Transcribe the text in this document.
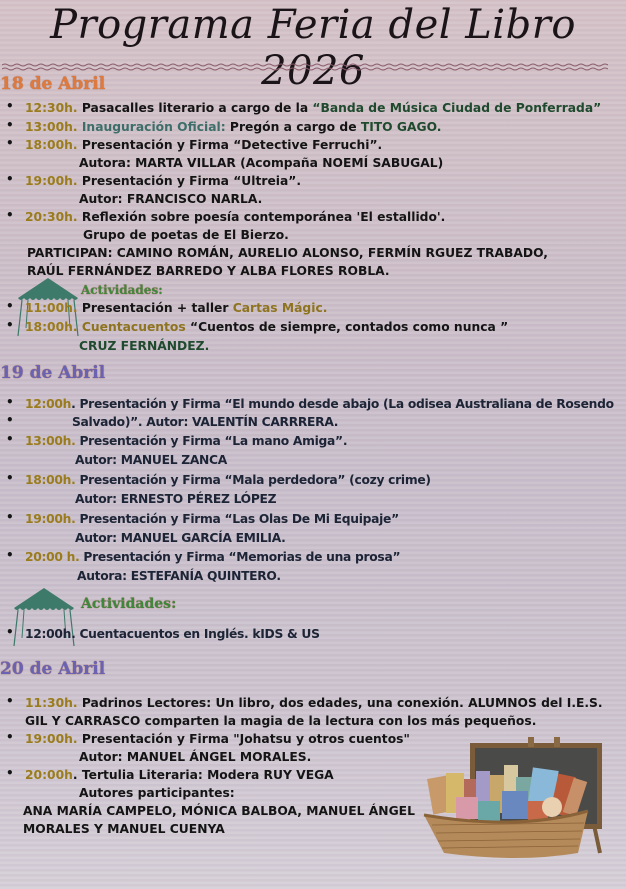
Programa Feria del Libro 2026
18 de Abril
• 12:30h. Pasacalles literario a cargo de la “Banda de Música Ciudad de Ponferrada”
• 13:00h. Inauguración Oficial: Pregón a cargo de TITO GAGO.
• 18:00h. Presentación y Firma “Detective Ferruchi”.
Autora: MARTA VILLAR (Acompaña NOEMÍ SABUGAL)
• 19:00h. Presentación y Firma “Ultreia”.
Autor: FRANCISCO NARLA.
• 20:30h. Reflexión sobre poesía contemporánea 'El estallido'.
Grupo de poetas de El Bierzo.
PARTICIPAN: CAMINO ROMÁN, AURELIO ALONSO, FERMÍN RGUEZ TRABADO,
RAÚL FERNÁNDEZ BARREDO Y ALBA FLORES ROBLA.
Actividades:
• 11:00h. Presentación + taller Cartas Mágic.
• 18:00h. Cuentacuentos “Cuentos de siempre, contados como nunca ”
CRUZ FERNÁNDEZ.
19 de Abril
• 12:00h. Presentación y Firma “El mundo desde abajo (La odisea Australiana de Rosendo
•	Salvado)”. Autor: VALENTÍN CARRRERA.
• 13:00h. Presentación y Firma “La mano Amiga”.
Autor: MANUEL ZANCA
• 18:00h. Presentación y Firma “Mala perdedora” (cozy crime)
Autor: ERNESTO PÉREZ LÓPEZ
• 19:00h. Presentación y Firma “Las Olas De Mi Equipaje”
Autor: MANUEL GARCÍA EMILIA.
• 20:00 h. Presentación y Firma “Memorias de una prosa”
Autora: ESTEFANÍA QUINTERO.
Actividades:
• 12:00h. Cuentacuentos en Inglés. kIDS & US
20 de Abril
• 11:30h. Padrinos Lectores: Un libro, dos edades, una conexión. ALUMNOS del I.E.S.
GIL Y CARRASCO comparten la magia de la lectura con los más pequeños.
• 19:00h. Presentación y Firma "Johatsu y otros cuentos"
Autor: MANUEL ÁNGEL MORALES.
• 20:00h. Tertulia Literaria: Modera RUY VEGA
Autores participantes:
ANA MARÍA CAMPELO, MÓNICA BALBOA, MANUEL ÁNGEL
MORALES Y MANUEL CUENYA
